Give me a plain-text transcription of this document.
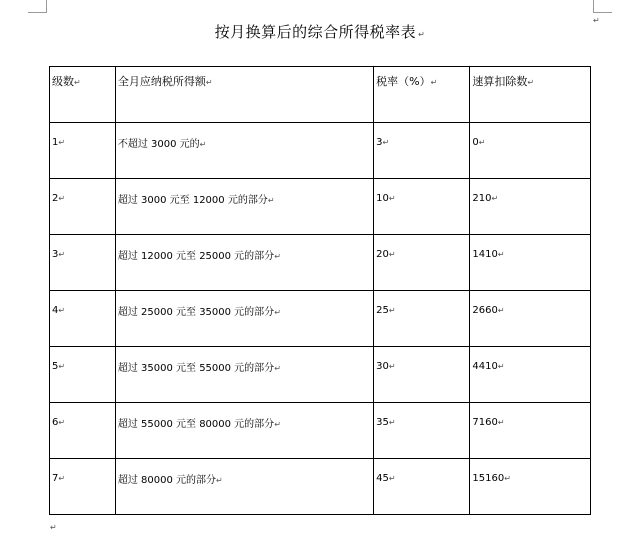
按月换算后的综合所得税率表 ↵
↵
级数↵	全月应纳税所得额↵	税率（%）↵	速算扣除数↵
1↵	不超过 3000 元的↵	3↵	0↵
2↵	超过 3000 元至 12000 元的部分↵	10↵	210↵
3↵	超过 12000 元至 25000 元的部分↵	20↵	1410↵
4↵	超过 25000 元至 35000 元的部分↵	25↵	2660↵
5↵	超过 35000 元至 55000 元的部分↵	30↵	4410↵
6↵	超过 55000 元至 80000 元的部分↵	35↵	7160↵
7↵	超过 80000 元的部分↵	45↵	15160↵
↵
